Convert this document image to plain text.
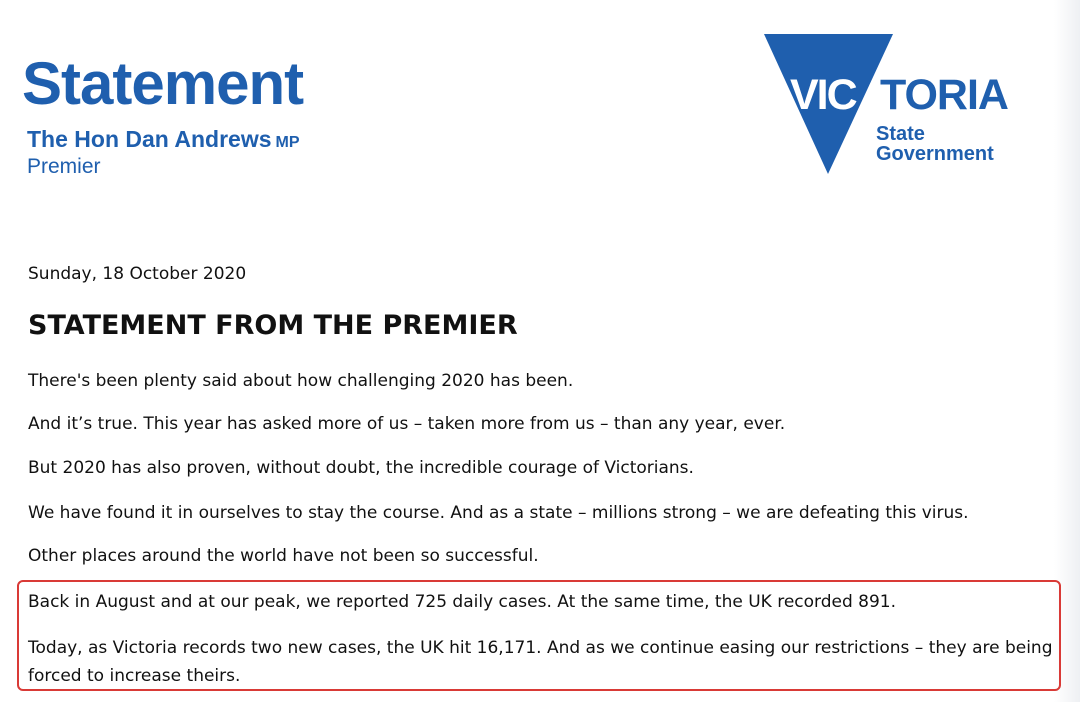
Statement
The Hon Dan Andrews MP
Premier
VIC TORIA
State
Government
Sunday, 18 October 2020
STATEMENT FROM THE PREMIER

There's been plenty said about how challenging 2020 has been.

And it’s true. This year has asked more of us – taken more from us – than any year, ever.

But 2020 has also proven, without doubt, the incredible courage of Victorians.

We have found it in ourselves to stay the course. And as a state – millions strong – we are defeating this virus.

Other places around the world have not been so successful.

Back in August and at our peak, we reported 725 daily cases. At the same time, the UK recorded 891.

Today, as Victoria records two new cases, the UK hit 16,171. And as we continue easing our restrictions – they are being forced to increase theirs.
